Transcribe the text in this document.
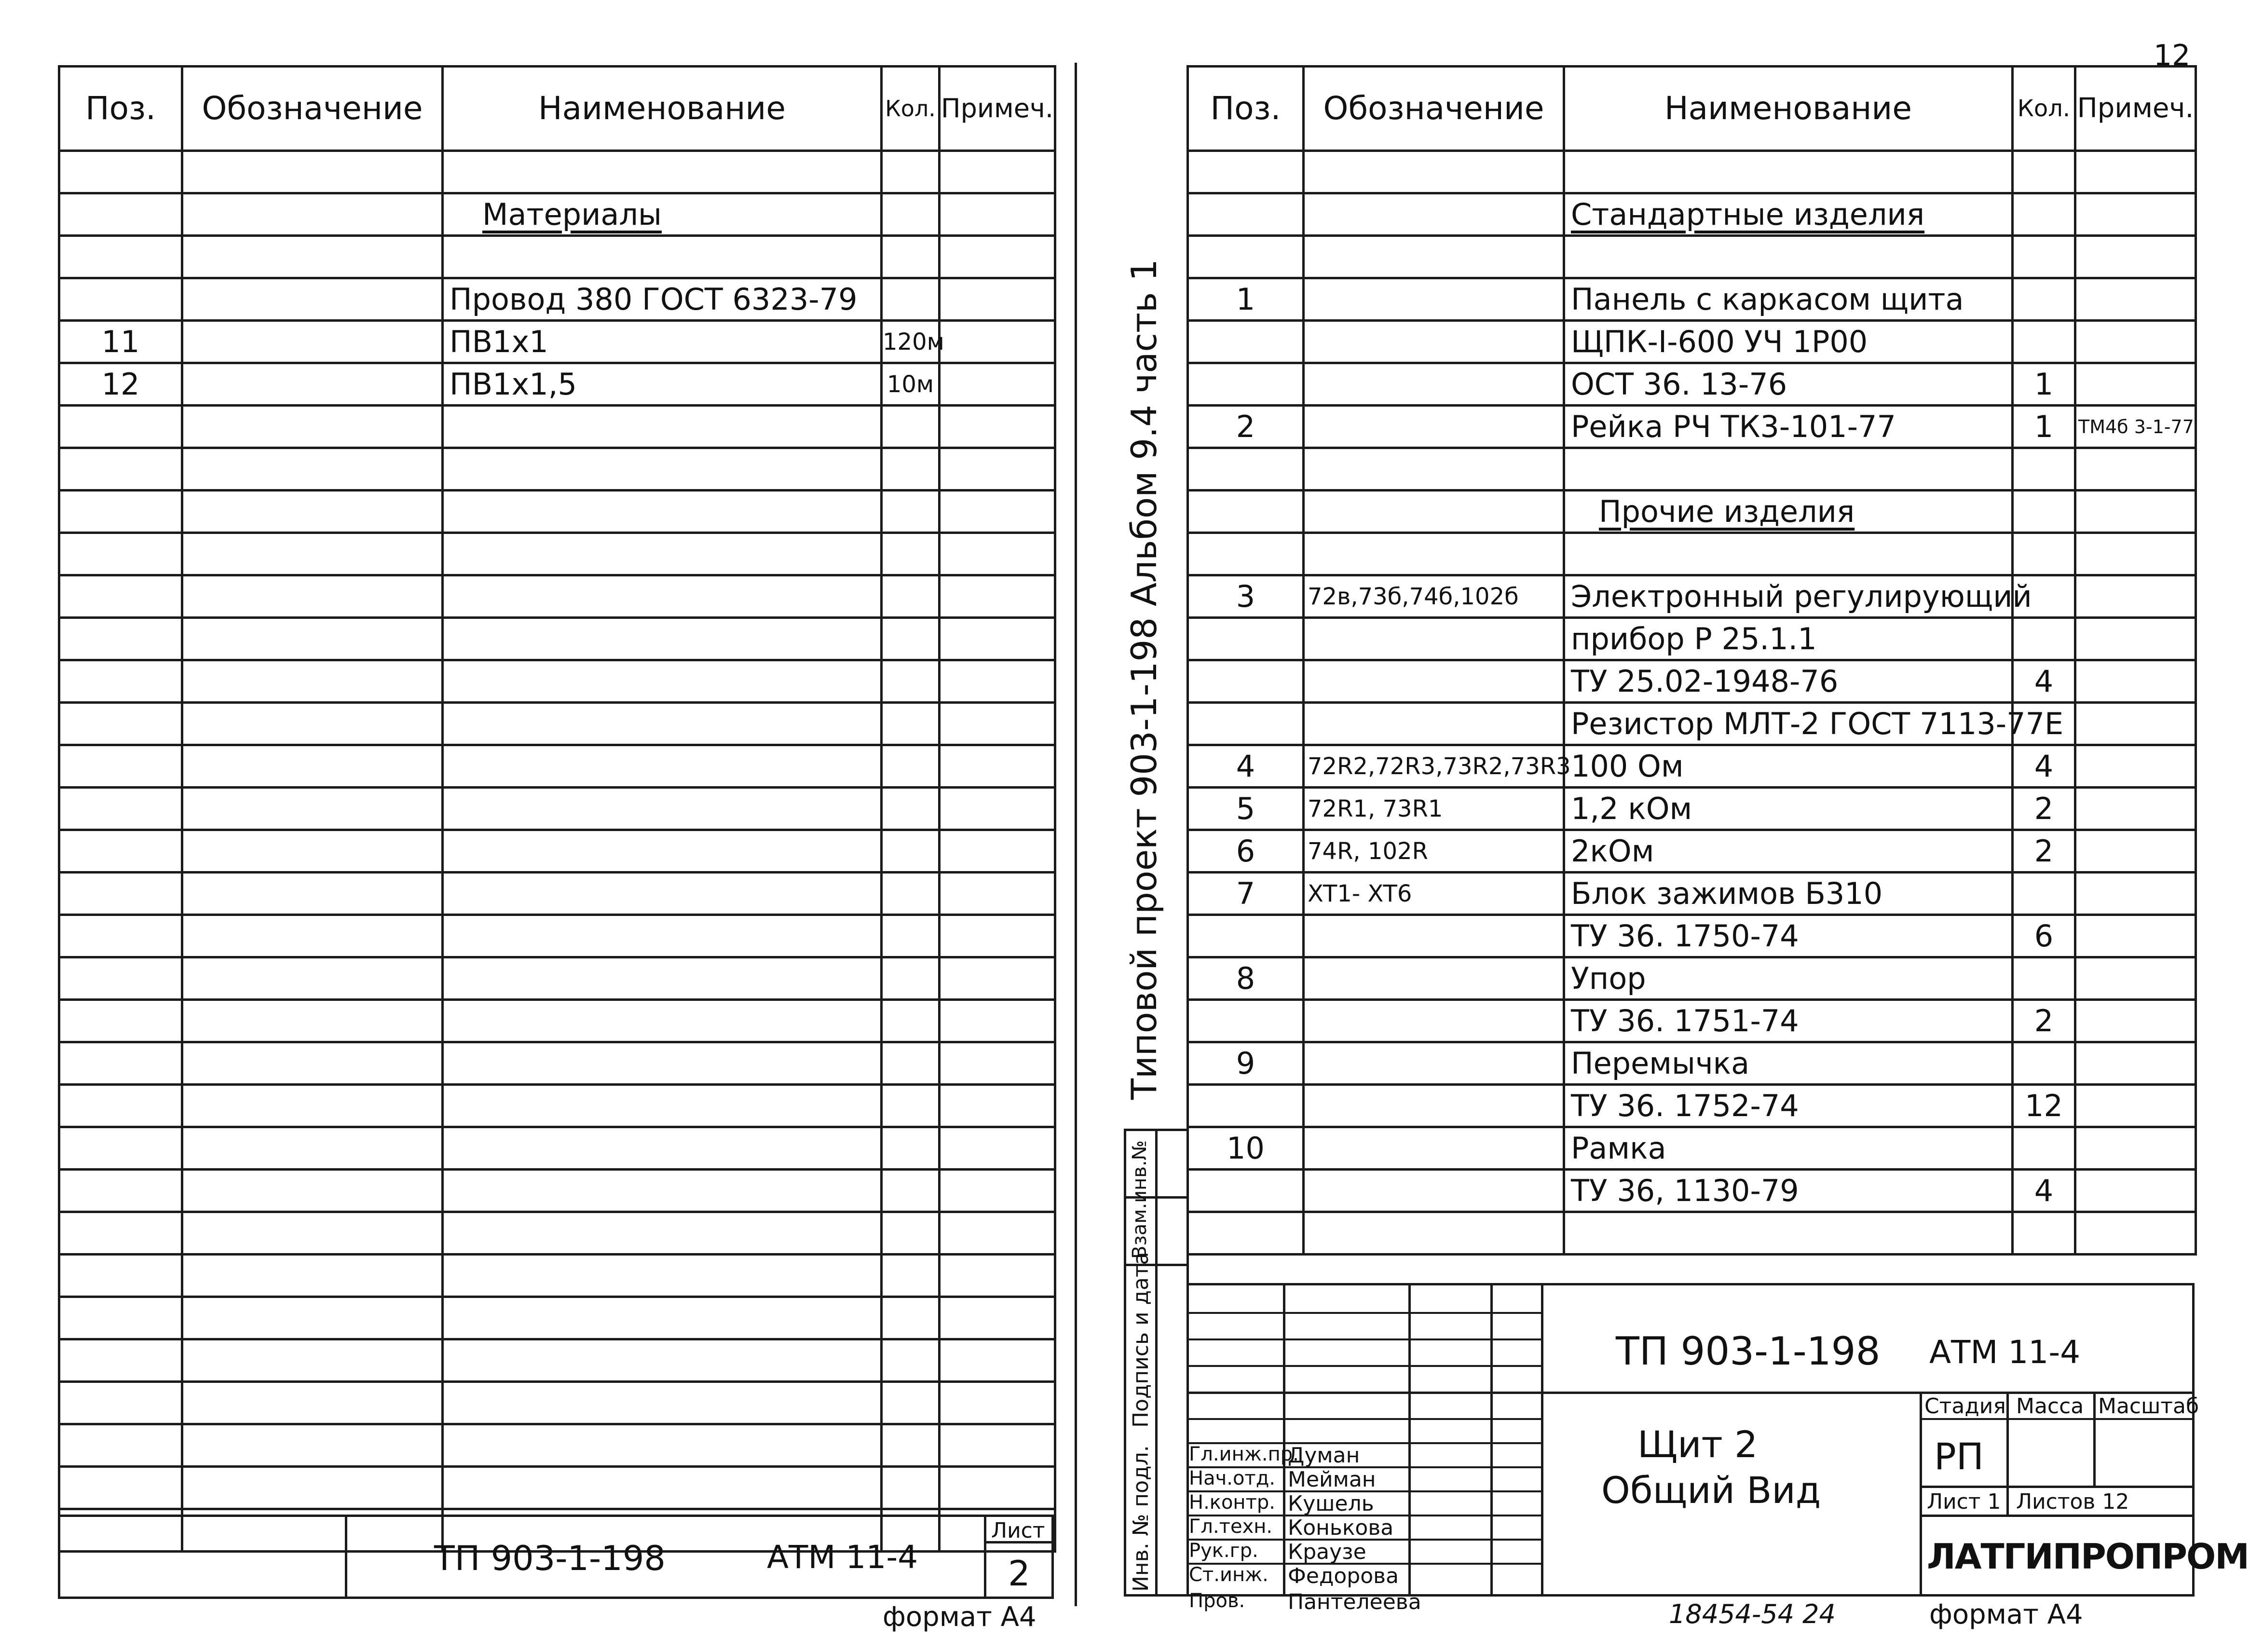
Поз.	Обозначение	Наименование	Кол.	Примеч.

		Материалы		

		Провод 380 ГОСТ 6323-79		
11		ПВ1х1	120м	
12		ПВ1х1,5	10м	

ТП 903-1-198	АТМ 11-4
Лист
2
формат А4
12
Типовой проект 903-1-198 Альбом 9.4 часть 1
Поз.	Обозначение	Наименование	Кол.	Примеч.

		Стандартные изделия		

1		Панель с каркасом щита		
		ЩПК-I-600 УЧ 1Р00		
		ОСТ 36. 13-76	1	
2		Рейка РЧ ТК3-101-77	1	ТМ4б 3-1-77

		Прочие изделия		

3	72в,73б,74б,102б	Электронный регулирующий		
		прибор Р 25.1.1		
		ТУ 25.02-1948-76	4	
		Резистор МЛТ-2 ГОСТ 7113-77Е		
4	72R2,72R3,73R2,73R3	100 Ом	4	
5	72R1, 73R1	1,2 кОм	2	
6	74R, 102R	2кОм	2	
7	XT1- XT6	Блок зажимов Б310		
		ТУ 36. 1750-74	6	
8		Упор		
		ТУ 36. 1751-74	2	
9		Перемычка		
		ТУ 36. 1752-74	12	
10		Рамка		
		ТУ 36, 1130-79	4	

Инв. № подл.
Подпись и дата
Взам.инв.№
ТП 903-1-198 АТМ 11-4
Щит 2
Общий Вид
Стадия Масса Масштаб
РП
Лист 1 Листов 12
ЛАТГИПРОПРОМ
Гл.инж.пр.
Думан
Нач.отд. Мейман
Н.контр. Кушель
Гл.техн. Конькова
Рук.гр. Краузе
Ст.инж. Федорова
Пров. Пантелеева	18454-54 24	формат А4
